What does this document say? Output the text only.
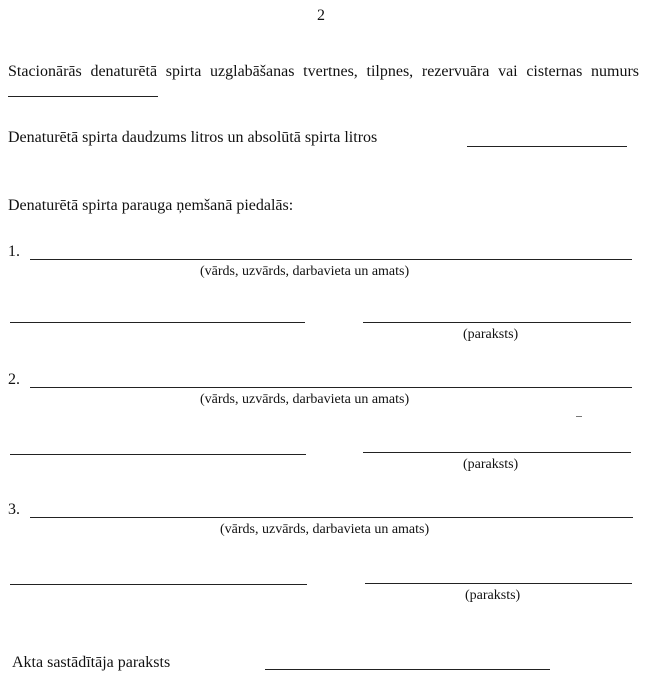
2
Stacionārās denaturētā spirta uzglabāšanas tvertnes, tilpnes, rezervuāra vai cisternas numurs
Denaturētā spirta daudzums litros un absolūtā spirta litros
Denaturētā spirta parauga ņemšanā piedalās:
1.
(vārds, uzvārds, darbavieta un amats)
(paraksts)
2.
(vārds, uzvārds, darbavieta un amats)
(paraksts)
3.
(vārds, uzvārds, darbavieta un amats)
(paraksts)
Akta sastādītāja paraksts
